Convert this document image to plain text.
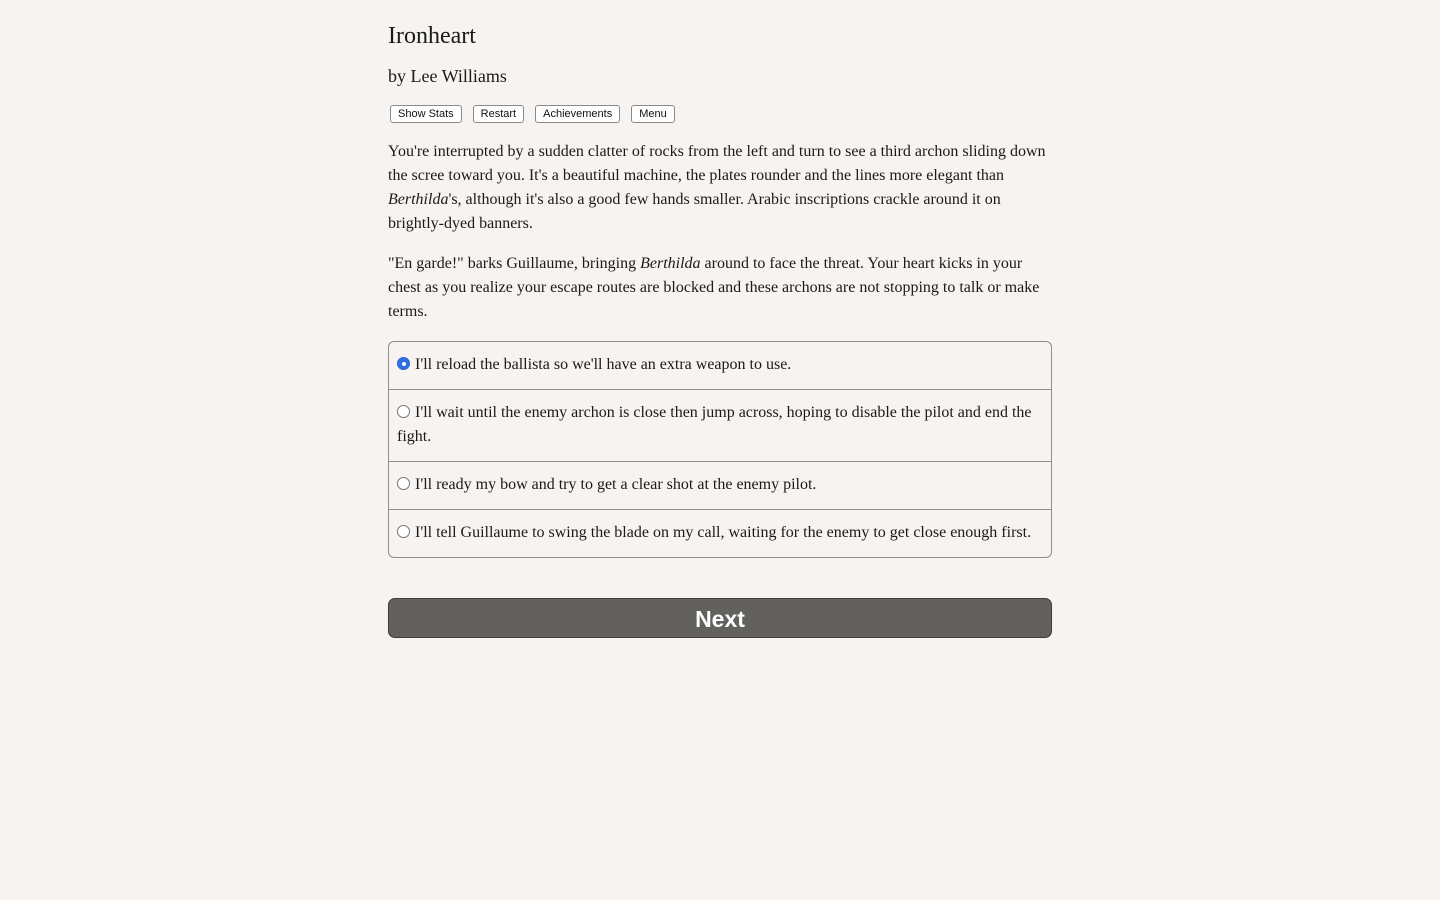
Ironheart
by Lee Williams
Show Stats	Restart	Achievements	Menu

You're interrupted by a sudden clatter of rocks from the left and turn to see a third archon sliding down the scree toward you. It's a beautiful machine, the plates rounder and the lines more elegant than Berthilda's, although it's also a good few hands smaller. Arabic inscriptions crackle around it on brightly-dyed banners.

"En garde!" barks Guillaume, bringing Berthilda around to face the threat. Your heart kicks in your chest as you realize your escape routes are blocked and these archons are not stopping to talk or make terms.

I'll reload the ballista so we'll have an extra weapon to use.
I'll wait until the enemy archon is close then jump across, hoping to disable the pilot and end the fight.
I'll ready my bow and try to get a clear shot at the enemy pilot.
I'll tell Guillaume to swing the blade on my call, waiting for the enemy to get close enough first.
Next
